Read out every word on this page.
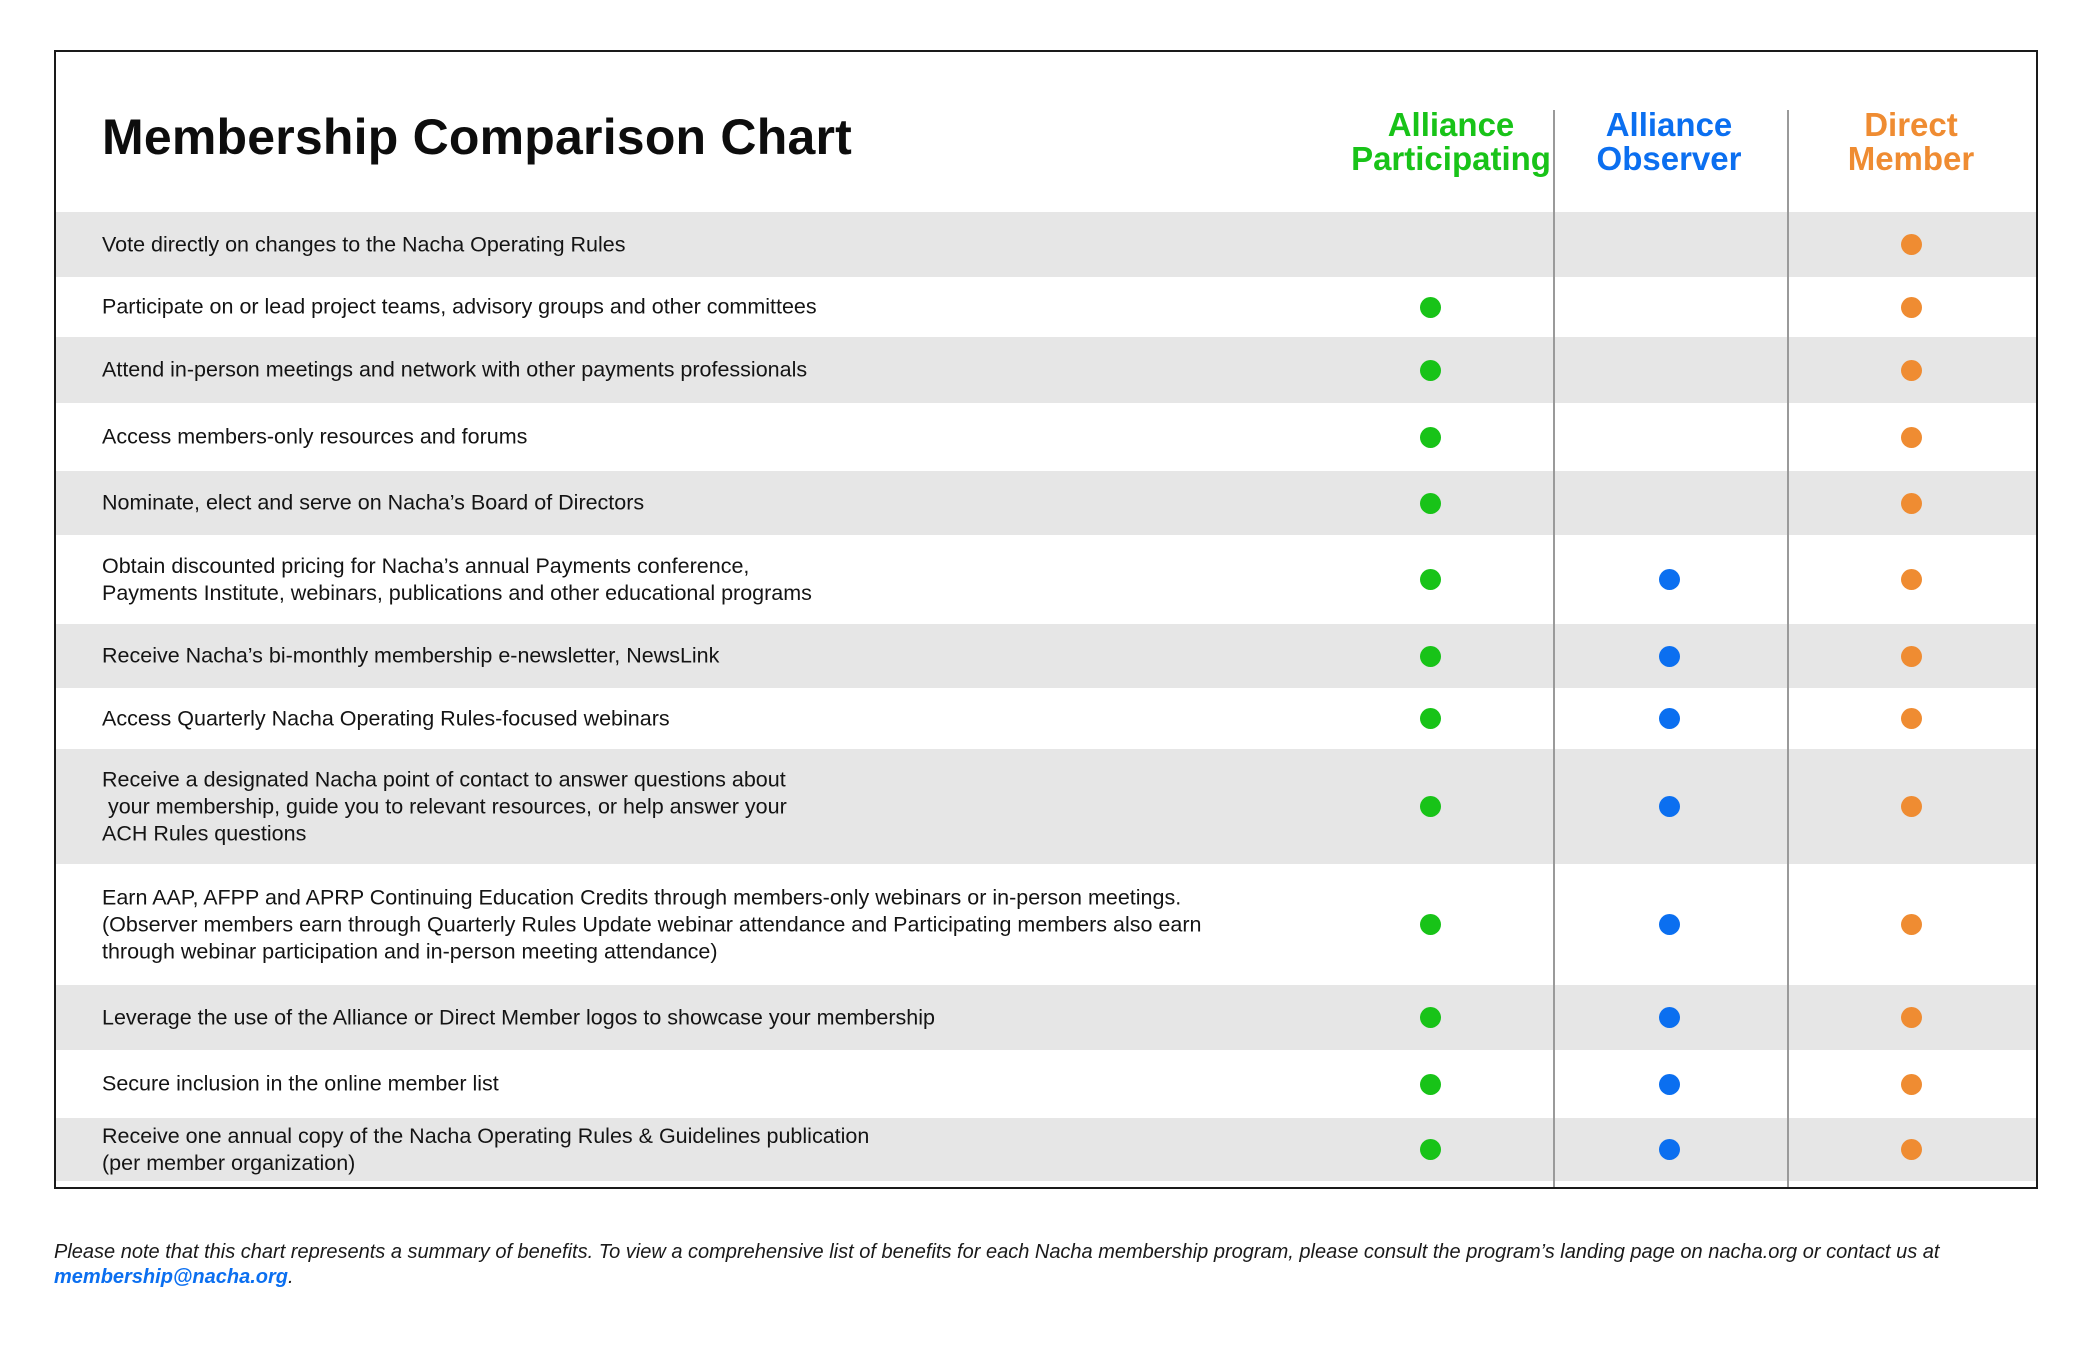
Membership Comparison Chart	Alliance
Participating
Alliance
Observer
Direct
Member
Vote directly on changes to the Nacha Operating Rules
Participate on or lead project teams, advisory groups and other committees
Attend in-person meetings and network with other payments professionals
Access members-only resources and forums
Nominate, elect and serve on Nacha’s Board of Directors
Obtain discounted pricing for Nacha’s annual Payments conference,
Payments Institute, webinars, publications and other educational programs
Receive Nacha’s bi-monthly membership e-newsletter, NewsLink
Access Quarterly Nacha Operating Rules-focused webinars
Receive a designated Nacha point of contact to answer questions about
your membership, guide you to relevant resources, or help answer your
ACH Rules questions
Earn AAP, AFPP and APRP Continuing Education Credits through members-only webinars or in-person meetings.
(Observer members earn through Quarterly Rules Update webinar attendance and Participating members also earn
through webinar participation and in-person meeting attendance)
Leverage the use of the Alliance or Direct Member logos to showcase your membership
Secure inclusion in the online member list
Receive one annual copy of the Nacha Operating Rules & Guidelines publication
(per member organization)

Please note that this chart represents a summary of benefits. To view a comprehensive list of benefits for each Nacha membership program, please consult the program’s landing page on nacha.org or contact us at membership@nacha.org.
